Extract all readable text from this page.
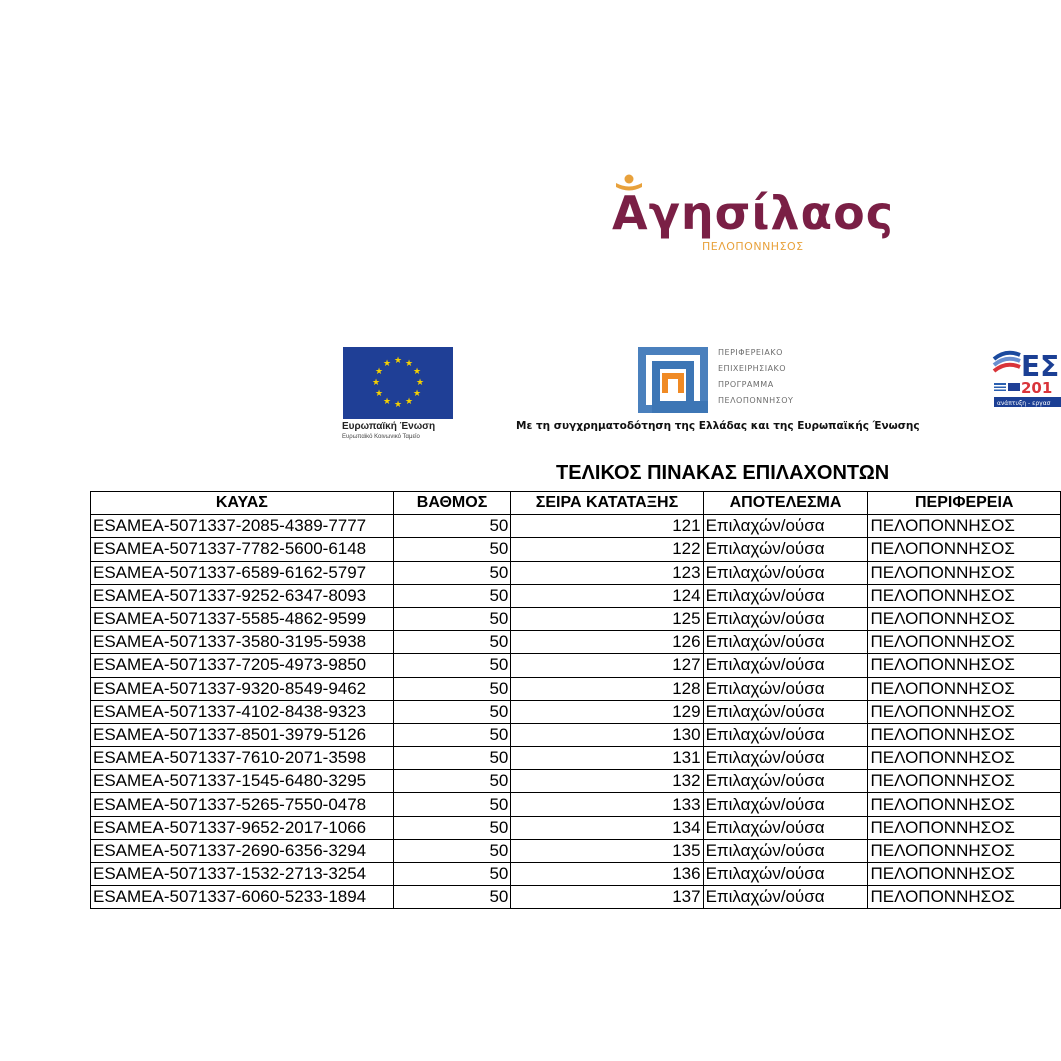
Αγησίλαος
ΠΕΛΟΠΟΝΝΗΣΟΣ
★ ★
★
★
★
★
★
★
★
★
★
★
Ευρωπαϊκή Ένωση
Ευρωπαϊκό Κοινωνικό Ταμείο
ΠΕΡΙΦΕΡΕΙΑΚΟ
ΕΠΙΧΕΙΡΗΣΙΑΚΟ
ΠΡΟΓΡΑΜΜΑ
ΠΕΛΟΠΟΝΝΗΣΟΥ
Με τη συγχρηματοδότηση της Ελλάδας και της Ευρωπαϊκής Ένωσης
ΕΣ
201
ανάπτυξη - εργασ
ΤΕΛΙΚΟΣ ΠΙΝΑΚΑΣ ΕΠΙΛΑΧΟΝΤΩΝ
ΚΑΥΑΣ	ΒΑΘΜΟΣ	ΣΕΙΡΑ ΚΑΤΑΤΑΞΗΣ	ΑΠΟΤΕΛΕΣΜΑ	ΠΕΡΙΦΕΡΕΙΑ
ESAMEA-5071337-2085-4389-7777	50	121	Επιλαχών/ούσα	ΠΕΛΟΠΟΝΝΗΣΟΣ
ESAMEA-5071337-7782-5600-6148	50	122	Επιλαχών/ούσα	ΠΕΛΟΠΟΝΝΗΣΟΣ
ESAMEA-5071337-6589-6162-5797	50	123	Επιλαχών/ούσα	ΠΕΛΟΠΟΝΝΗΣΟΣ
ESAMEA-5071337-9252-6347-8093	50	124	Επιλαχών/ούσα	ΠΕΛΟΠΟΝΝΗΣΟΣ
ESAMEA-5071337-5585-4862-9599	50	125	Επιλαχών/ούσα	ΠΕΛΟΠΟΝΝΗΣΟΣ
ESAMEA-5071337-3580-3195-5938	50	126	Επιλαχών/ούσα	ΠΕΛΟΠΟΝΝΗΣΟΣ
ESAMEA-5071337-7205-4973-9850	50	127	Επιλαχών/ούσα	ΠΕΛΟΠΟΝΝΗΣΟΣ
ESAMEA-5071337-9320-8549-9462	50	128	Επιλαχών/ούσα	ΠΕΛΟΠΟΝΝΗΣΟΣ
ESAMEA-5071337-4102-8438-9323	50	129	Επιλαχών/ούσα	ΠΕΛΟΠΟΝΝΗΣΟΣ
ESAMEA-5071337-8501-3979-5126	50	130	Επιλαχών/ούσα	ΠΕΛΟΠΟΝΝΗΣΟΣ
ESAMEA-5071337-7610-2071-3598	50	131	Επιλαχών/ούσα	ΠΕΛΟΠΟΝΝΗΣΟΣ
ESAMEA-5071337-1545-6480-3295	50	132	Επιλαχών/ούσα	ΠΕΛΟΠΟΝΝΗΣΟΣ
ESAMEA-5071337-5265-7550-0478	50	133	Επιλαχών/ούσα	ΠΕΛΟΠΟΝΝΗΣΟΣ
ESAMEA-5071337-9652-2017-1066	50	134	Επιλαχών/ούσα	ΠΕΛΟΠΟΝΝΗΣΟΣ
ESAMEA-5071337-2690-6356-3294	50	135	Επιλαχών/ούσα	ΠΕΛΟΠΟΝΝΗΣΟΣ
ESAMEA-5071337-1532-2713-3254	50	136	Επιλαχών/ούσα	ΠΕΛΟΠΟΝΝΗΣΟΣ
ESAMEA-5071337-6060-5233-1894	50	137	Επιλαχών/ούσα	ΠΕΛΟΠΟΝΝΗΣΟΣ
